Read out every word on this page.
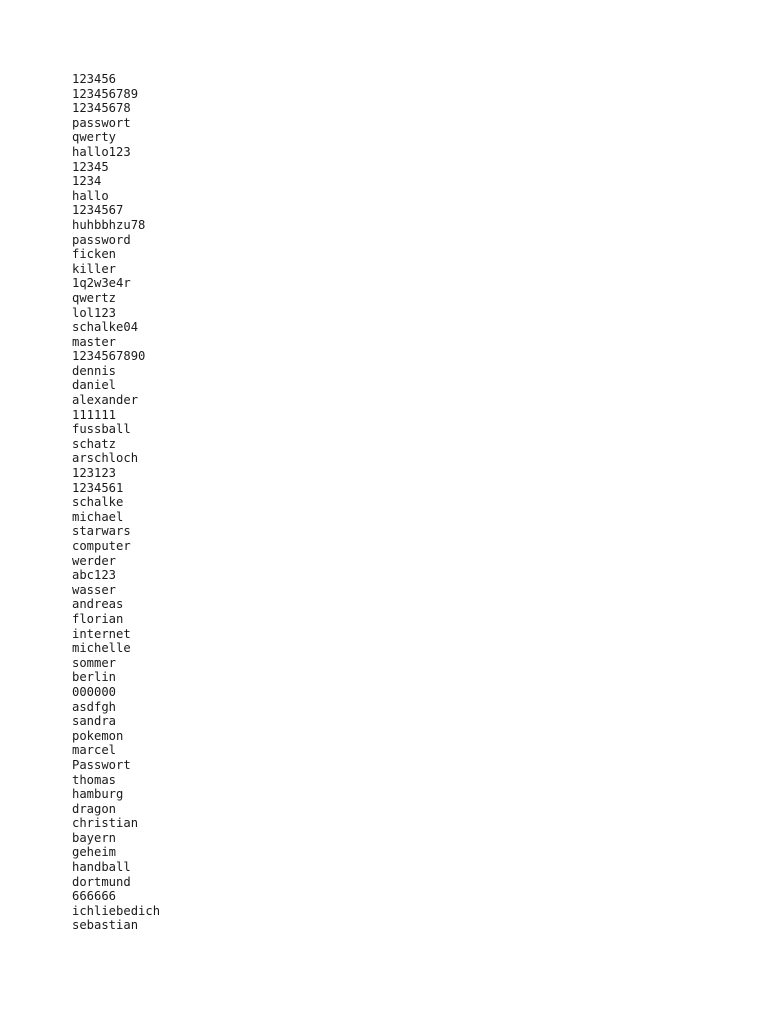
123456
123456789
12345678
passwort
qwerty
hallo123
12345
1234
hallo
1234567
huhbbhzu78
password
ficken
killer
1q2w3e4r
qwertz
lol123
schalke04
master
1234567890
dennis
daniel
alexander
111111
fussball
schatz
arschloch
123123
1234561
schalke
michael
starwars
computer
werder
abc123
wasser
andreas
florian
internet
michelle
sommer
berlin
000000
asdfgh
sandra
pokemon
marcel
Passwort
thomas
hamburg
dragon
christian
bayern
geheim
handball
dortmund
666666
ichliebedich
sebastian
